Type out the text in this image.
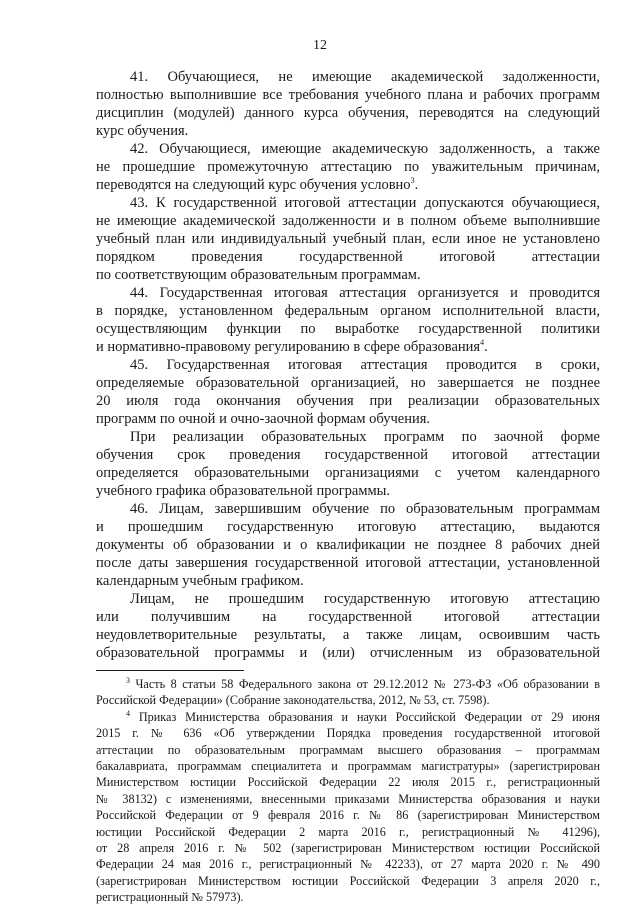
12

41. Обучающиеся, не имеющие академической задолженности,

полностью выполнившие все требования учебного плана и рабочих программ

дисциплин (модулей) данного курса обучения, переводятся на следующий

курс обучения.

42. Обучающиеся, имеющие академическую задолженность, а также

не прошедшие промежуточную аттестацию по уважительным причинам,

переводятся на следующий курс обучения условно$^3$.

43. К государственной итоговой аттестации допускаются обучающиеся,

не имеющие академической задолженности и в полном объеме выполнившие

учебный план или индивидуальный учебный план, если иное не установлено

порядком проведения государственной итоговой аттестации

по соответствующим образовательным программам.

44. Государственная итоговая аттестация организуется и проводится

в порядке, установленном федеральным органом исполнительной власти,

осуществляющим функции по выработке государственной политики

и нормативно-правовому регулированию в сфере образования$^4$.

45. Государственная итоговая аттестация проводится в сроки,

определяемые образовательной организацией, но завершается не позднее

20 июля года окончания обучения при реализации образовательных

программ по очной и очно-заочной формам обучения.

При реализации образовательных программ по заочной форме

обучения срок проведения государственной итоговой аттестации

определяется образовательными организациями с учетом календарного

учебного графика образовательной программы.

46. Лицам, завершившим обучение по образовательным программам

и прошедшим государственную итоговую аттестацию, выдаются

документы об образовании и о квалификации не позднее 8 рабочих дней

после даты завершения государственной итоговой аттестации, установленной

календарным учебным графиком.

Лицам, не прошедшим государственную итоговую аттестацию

или получившим на государственной итоговой аттестации

неудовлетворительные результаты, а также лицам, освоившим часть

образовательной программы и (или) отчисленным из образовательной

$^3$ Часть 8 статьи 58 Федерального закона от 29.12.2012 № 273-ФЗ «Об образовании в

Российской Федерации» (Собрание законодательства, 2012, № 53, ст. 7598).

$^4$ Приказ Министерства образования и науки Российской Федерации от 29 июня

2015 г. № 636 «Об утверждении Порядка проведения государственной итоговой

аттестации по образовательным программам высшего образования – программам

бакалавриата, программам специалитета и программам магистратуры» (зарегистрирован

Министерством юстиции Российской Федерации 22 июля 2015 г., регистрационный

№ 38132) с изменениями, внесенными приказами Министерства образования и науки

Российской Федерации от 9 февраля 2016 г. № 86 (зарегистрирован Министерством

юстиции Российской Федерации 2 марта 2016 г., регистрационный № 41296),

от 28 апреля 2016 г. № 502 (зарегистрирован Министерством юстиции Российской

Федерации 24 мая 2016 г., регистрационный № 42233), от 27 марта 2020 г. № 490

(зарегистрирован Министерством юстиции Российской Федерации 3 апреля 2020 г.,

регистрационный № 57973).
